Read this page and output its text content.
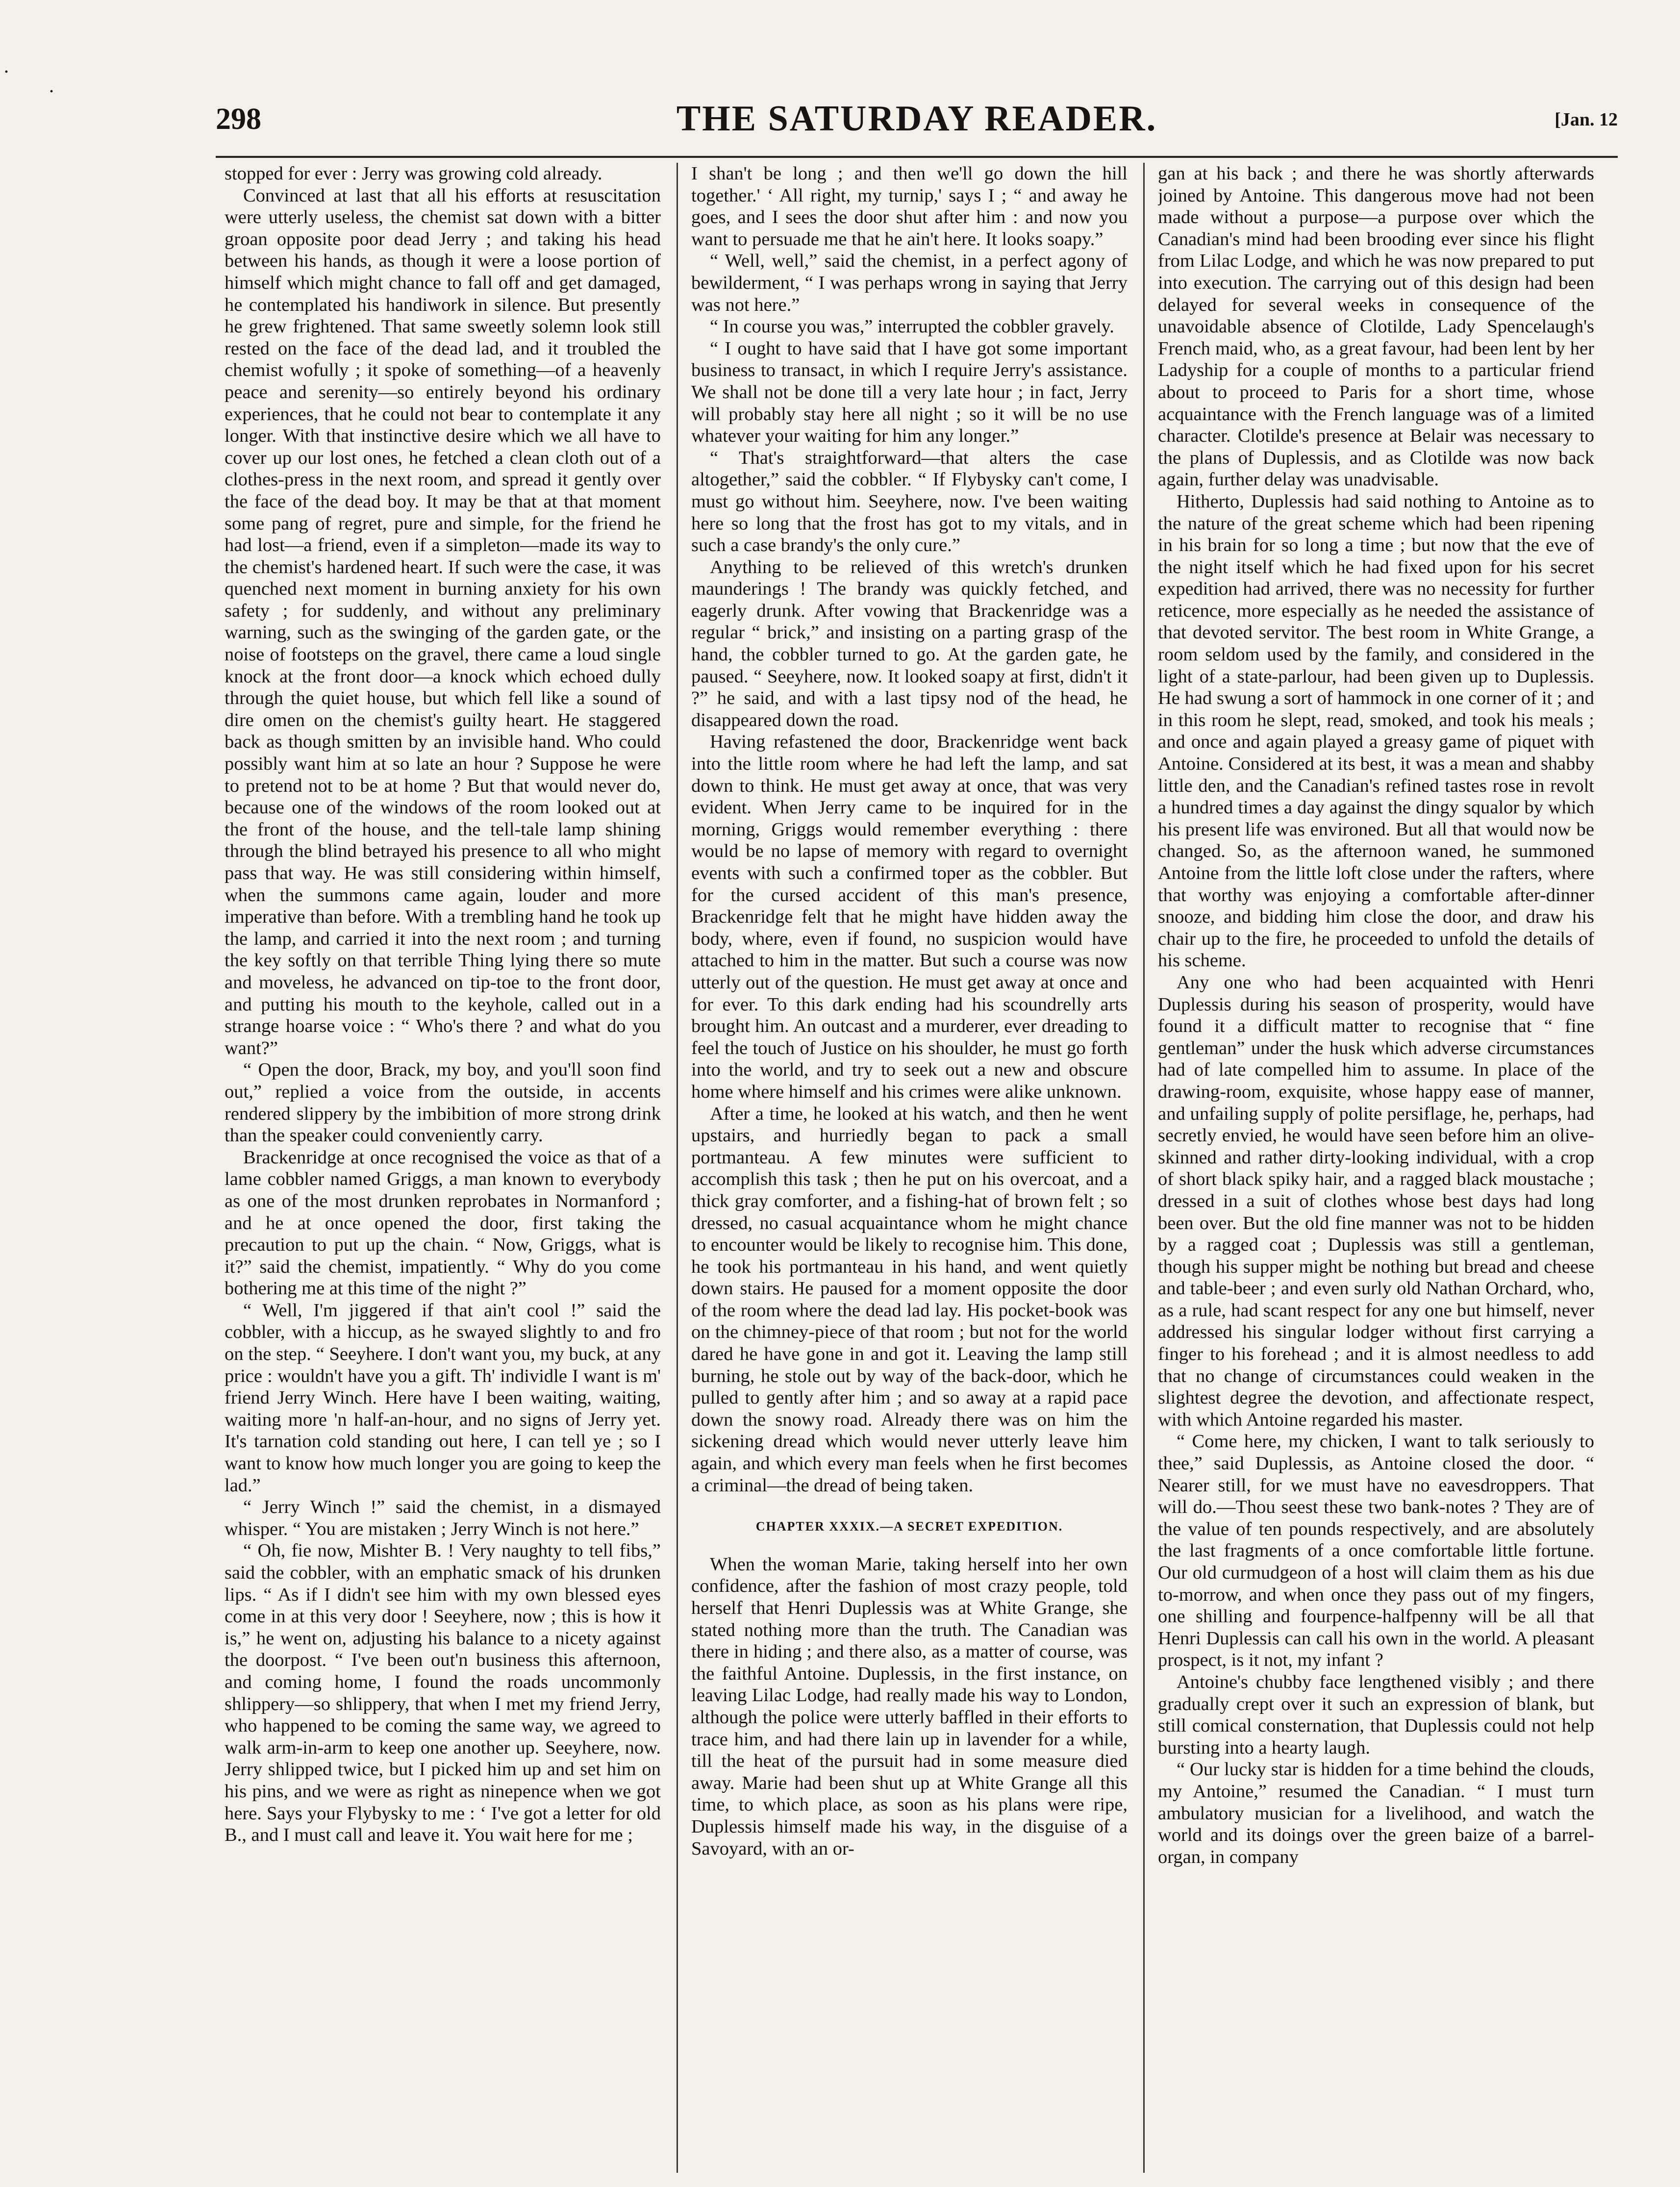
·
·
298	THE SATURDAY READER.	[Jan. 12

stopped for ever : Jerry was growing cold already.

Convinced at last that all his efforts at resuscitation were utterly useless, the chemist sat down with a bitter groan opposite poor dead Jerry ; and taking his head between his hands, as though it were a loose portion of himself which might chance to fall off and get damaged, he contemplated his handiwork in silence. But presently he grew frightened. That same sweetly solemn look still rested on the face of the dead lad, and it troubled the chemist wofully ; it spoke of something—of a heavenly peace and serenity—so entirely beyond his ordinary experiences, that he could not bear to contemplate it any longer. With that instinctive desire which we all have to cover up our lost ones, he fetched a clean cloth out of a clothes-press in the next room, and spread it gently over the face of the dead boy. It may be that at that moment some pang of regret, pure and simple, for the friend he had lost—a friend, even if a simpleton—made its way to the chemist's hardened heart. If such were the case, it was quenched next moment in burning anxiety for his own safety ; for suddenly, and without any preliminary warning, such as the swinging of the garden gate, or the noise of footsteps on the gravel, there came a loud single knock at the front door—a knock which echoed dully through the quiet house, but which fell like a sound of dire omen on the chemist's guilty heart. He staggered back as though smitten by an invisible hand. Who could possibly want him at so late an hour ? Suppose he were to pretend not to be at home ? But that would never do, because one of the windows of the room looked out at the front of the house, and the tell-tale lamp shining through the blind betrayed his presence to all who might pass that way. He was still considering within himself, when the summons came again, louder and more imperative than before. With a trembling hand he took up the lamp, and carried it into the next room ; and turning the key softly on that terrible Thing lying there so mute and moveless, he advanced on tip-toe to the front door, and putting his mouth to the keyhole, called out in a strange hoarse voice : “ Who's there ? and what do you want?”

“ Open the door, Brack, my boy, and you'll soon find out,” replied a voice from the outside, in accents rendered slippery by the imbibition of more strong drink than the speaker could conveniently carry.

Brackenridge at once recognised the voice as that of a lame cobbler named Griggs, a man known to everybody as one of the most drunken reprobates in Normanford ; and he at once opened the door, first taking the precaution to put up the chain. “ Now, Griggs, what is it?” said the chemist, impatiently. “ Why do you come bothering me at this time of the night ?”

“ Well, I'm jiggered if that ain't cool !” said the cobbler, with a hiccup, as he swayed slightly to and fro on the step. “ Seeyhere. I don't want you, my buck, at any price : wouldn't have you a gift. Th' individle I want is m' friend Jerry Winch. Here have I been waiting, waiting, waiting more 'n half-an-hour, and no signs of Jerry yet. It's tarnation cold standing out here, I can tell ye ; so I want to know how much longer you are going to keep the lad.”

“ Jerry Winch !” said the chemist, in a dismayed whisper. “ You are mistaken ; Jerry Winch is not here.”

“ Oh, fie now, Mishter B. ! Very naughty to tell fibs,” said the cobbler, with an emphatic smack of his drunken lips. “ As if I didn't see him with my own blessed eyes come in at this very door ! Seeyhere, now ; this is how it is,” he went on, adjusting his balance to a nicety against the doorpost. “ I've been out'n business this afternoon, and coming home, I found the roads uncommonly shlippery—so shlippery, that when I met my friend Jerry, who happened to be coming the same way, we agreed to walk arm-in-arm to keep one another up. Seeyhere, now. Jerry shlipped twice, but I picked him up and set him on his pins, and we were as right as ninepence when we got here. Says your Flybysky to me : ‘ I've got a letter for old B., and I must call and leave it. You wait here for me ;

I shan't be long ; and then we'll go down the hill together.' ‘ All right, my turnip,' says I ; “ and away he goes, and I sees the door shut after him : and now you want to persuade me that he ain't here. It looks soapy.”

“ Well, well,” said the chemist, in a perfect agony of bewilderment, “ I was perhaps wrong in saying that Jerry was not here.”

“ In course you was,” interrupted the cobbler gravely.

“ I ought to have said that I have got some important business to transact, in which I require Jerry's assistance. We shall not be done till a very late hour ; in fact, Jerry will probably stay here all night ; so it will be no use whatever your waiting for him any longer.”

“ That's straightforward—that alters the case altogether,” said the cobbler. “ If Flybysky can't come, I must go without him. Seeyhere, now. I've been waiting here so long that the frost has got to my vitals, and in such a case brandy's the only cure.”

Anything to be relieved of this wretch's drunken maunderings ! The brandy was quickly fetched, and eagerly drunk. After vowing that Brackenridge was a regular “ brick,” and insisting on a parting grasp of the hand, the cobbler turned to go. At the garden gate, he paused. “ Seeyhere, now. It looked soapy at first, didn't it ?” he said, and with a last tipsy nod of the head, he disappeared down the road.

Having refastened the door, Brackenridge went back into the little room where he had left the lamp, and sat down to think. He must get away at once, that was very evident. When Jerry came to be inquired for in the morning, Griggs would remember everything : there would be no lapse of memory with regard to overnight events with such a confirmed toper as the cobbler. But for the cursed accident of this man's presence, Brackenridge felt that he might have hidden away the body, where, even if found, no suspicion would have attached to him in the matter. But such a course was now utterly out of the question. He must get away at once and for ever. To this dark ending had his scoundrelly arts brought him. An outcast and a murderer, ever dreading to feel the touch of Justice on his shoulder, he must go forth into the world, and try to seek out a new and obscure home where himself and his crimes were alike unknown.

After a time, he looked at his watch, and then he went upstairs, and hurriedly began to pack a small portmanteau. A few minutes were sufficient to accomplish this task ; then he put on his overcoat, and a thick gray comforter, and a fishing-hat of brown felt ; so dressed, no casual acquaintance whom he might chance to encounter would be likely to recognise him. This done, he took his portmanteau in his hand, and went quietly down stairs. He paused for a moment opposite the door of the room where the dead lad lay. His pocket-book was on the chimney-piece of that room ; but not for the world dared he have gone in and got it. Leaving the lamp still burning, he stole out by way of the back-door, which he pulled to gently after him ; and so away at a rapid pace down the snowy road. Already there was on him the sickening dread which would never utterly leave him again, and which every man feels when he first becomes a criminal—the dread of being taken.

CHAPTER XXXIX.—A SECRET EXPEDITION.

When the woman Marie, taking herself into her own confidence, after the fashion of most crazy people, told herself that Henri Duplessis was at White Grange, she stated nothing more than the truth. The Canadian was there in hiding ; and there also, as a matter of course, was the faithful Antoine. Duplessis, in the first instance, on leaving Lilac Lodge, had really made his way to London, although the police were utterly baffled in their efforts to trace him, and had there lain up in lavender for a while, till the heat of the pursuit had in some measure died away. Marie had been shut up at White Grange all this time, to which place, as soon as his plans were ripe, Duplessis himself made his way, in the disguise of a Savoyard, with an or-

gan at his back ; and there he was shortly afterwards joined by Antoine. This dangerous move had not been made without a purpose—a purpose over which the Canadian's mind had been brooding ever since his flight from Lilac Lodge, and which he was now prepared to put into execution. The carrying out of this design had been delayed for several weeks in consequence of the unavoidable absence of Clotilde, Lady Spencelaugh's French maid, who, as a great favour, had been lent by her Ladyship for a couple of months to a particular friend about to proceed to Paris for a short time, whose acquaintance with the French language was of a limited character. Clotilde's presence at Belair was necessary to the plans of Duplessis, and as Clotilde was now back again, further delay was unadvisable.

Hitherto, Duplessis had said nothing to Antoine as to the nature of the great scheme which had been ripening in his brain for so long a time ; but now that the eve of the night itself which he had fixed upon for his secret expedition had arrived, there was no necessity for further reticence, more especially as he needed the assistance of that devoted servitor. The best room in White Grange, a room seldom used by the family, and considered in the light of a state-parlour, had been given up to Duplessis. He had swung a sort of hammock in one corner of it ; and in this room he slept, read, smoked, and took his meals ; and once and again played a greasy game of piquet with Antoine. Considered at its best, it was a mean and shabby little den, and the Canadian's refined tastes rose in revolt a hundred times a day against the dingy squalor by which his present life was environed. But all that would now be changed. So, as the afternoon waned, he summoned Antoine from the little loft close under the rafters, where that worthy was enjoying a comfortable after-dinner snooze, and bidding him close the door, and draw his chair up to the fire, he proceeded to unfold the details of his scheme.

Any one who had been acquainted with Henri Duplessis during his season of prosperity, would have found it a difficult matter to recognise that “ fine gentleman” under the husk which adverse circumstances had of late compelled him to assume. In place of the drawing-room, exquisite, whose happy ease of manner, and unfailing supply of polite persiflage, he, perhaps, had secretly envied, he would have seen before him an olive-skinned and rather dirty-looking individual, with a crop of short black spiky hair, and a ragged black moustache ; dressed in a suit of clothes whose best days had long been over. But the old fine manner was not to be hidden by a ragged coat ; Duplessis was still a gentleman, though his supper might be nothing but bread and cheese and table-beer ; and even surly old Nathan Orchard, who, as a rule, had scant respect for any one but himself, never addressed his singular lodger without first carrying a finger to his forehead ; and it is almost needless to add that no change of circumstances could weaken in the slightest degree the devotion, and affectionate respect, with which Antoine regarded his master.

“ Come here, my chicken, I want to talk seriously to thee,” said Duplessis, as Antoine closed the door. “ Nearer still, for we must have no eavesdroppers. That will do.—Thou seest these two bank-notes ? They are of the value of ten pounds respectively, and are absolutely the last fragments of a once comfortable little fortune. Our old curmudgeon of a host will claim them as his due to-morrow, and when once they pass out of my fingers, one shilling and fourpence-halfpenny will be all that Henri Duplessis can call his own in the world. A pleasant prospect, is it not, my infant ?

Antoine's chubby face lengthened visibly ; and there gradually crept over it such an expression of blank, but still comical consternation, that Duplessis could not help bursting into a hearty laugh.

“ Our lucky star is hidden for a time behind the clouds, my Antoine,” resumed the Canadian. “ I must turn ambulatory musician for a livelihood, and watch the world and its doings over the green baize of a barrel-organ, in company
